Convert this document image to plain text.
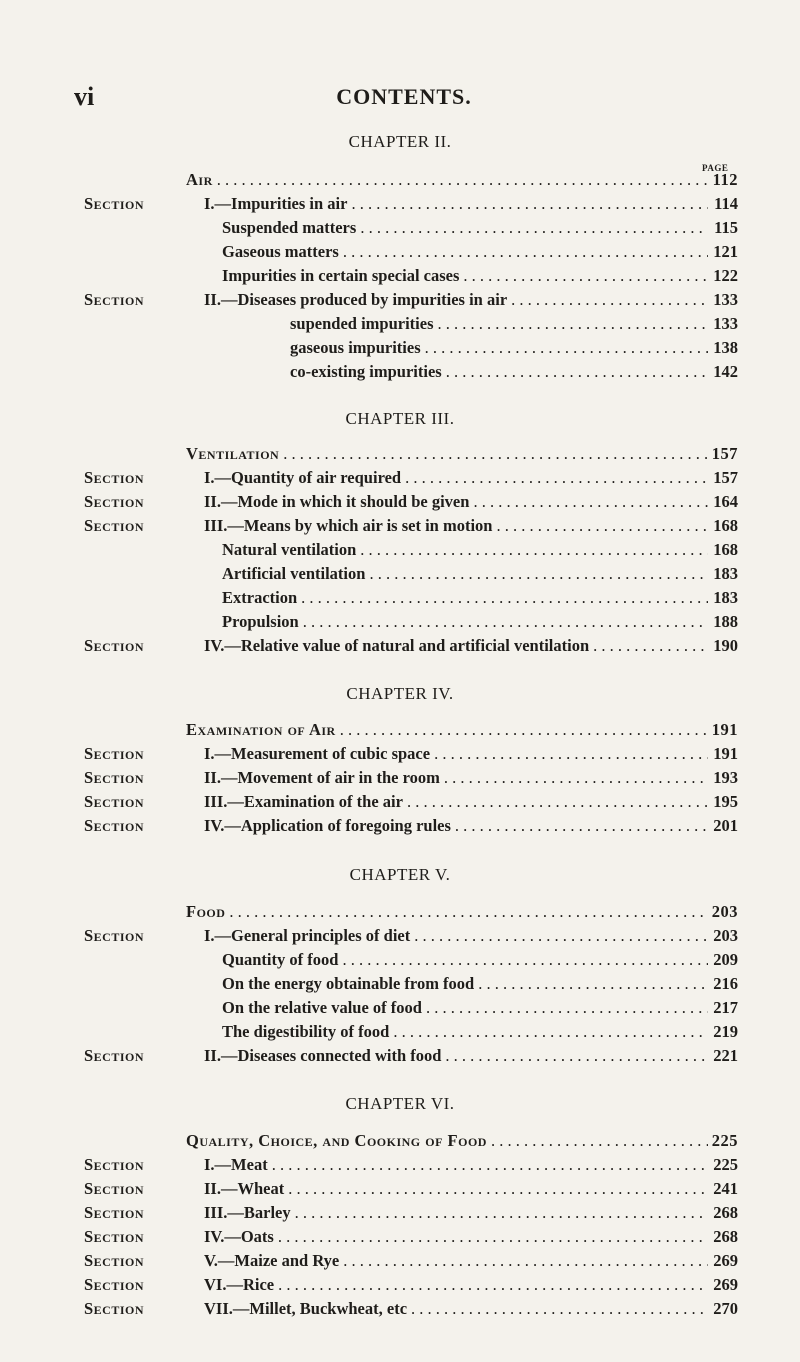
vi	CONTENTS.
CHAPTER II.
PAGE
Air . . .	112
Section	I.—Impurities in air . . .	114
Suspended matters . . .	115
Gaseous matters . . .	121
Impurities in certain special cases . . .	122
Section	II.—Diseases produced by impurities in air . . .	133
supended impurities . . .	133
gaseous impurities . . .	138
co-existing impurities . . .	142
CHAPTER III.
Ventilation . . .	157
Section	I.—Quantity of air required . . .	157
Section	II.—Mode in which it should be given . . .	164
Section	III.—Means by which air is set in motion . . .	168
Natural ventilation . . .	168
Artificial ventilation . . .	183
Extraction . . .	183
Propulsion . . .	188
Section	IV.—Relative value of natural and artificial ventilation . . .	190
CHAPTER IV.
Examination of Air . . .	191
Section	I.—Measurement of cubic space . . .	191
Section	II.—Movement of air in the room . . .	193
Section	III.—Examination of the air . . .	195
Section	IV.—Application of foregoing rules . . .	201
CHAPTER V.
Food . . .	203
Section	I.—General principles of diet . . .	203
Quantity of food . . .	209
On the energy obtainable from food . . .	216
On the relative value of food . . .	217
The digestibility of food . . .	219
Section	II.—Diseases connected with food . . .	221
CHAPTER VI.
Quality, Choice, and Cooking of Food . . .	225
Section	I.—Meat . . .	225
Section	II.—Wheat . . .	241
Section	III.—Barley . . .	268
Section	IV.—Oats . . .	268
Section	V.—Maize and Rye . . .	269
Section	VI.—Rice . . .	269
Section	VII.—Millet, Buckwheat, etc . . .	270
